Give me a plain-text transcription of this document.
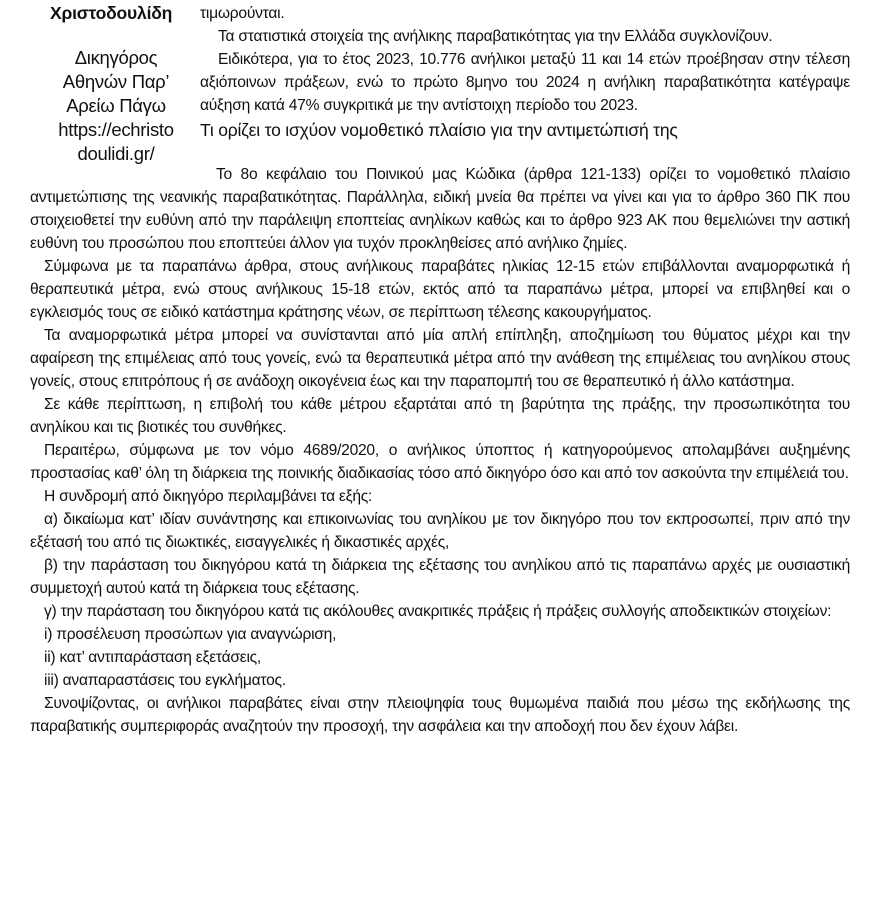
Χριστοδουλίδη
Δικηγόρος
Αθηνών Παρ’
Αρείω Πάγω
https://echristo
doulidi.gr/

τιμωρούνται.

Τα στατιστικά στοιχεία της ανήλικης παραβατικότητας για την Ελλάδα συγκλονίζουν.

Ειδικότερα, για το έτος 2023, 10.776 ανήλικοι μεταξύ 11 και 14 ετών προέβησαν στην τέλεση αξιόποινων πράξεων, ενώ το πρώτο 8μηνο του 2024 η ανήλικη παραβατικότητα κατέγραψε αύξηση κατά 47% συγκριτικά με την αντίστοιχη περίοδο του 2023.

Τι ορίζει το ισχύον νομοθετικό πλαίσιο για την αντιμετώπισή της

Το 8ο κεφάλαιο του Ποινικού μας Κώδικα (άρθρα 121-133) ορίζει το νομοθετικό πλαίσιο αντιμετώπισης της νεανικής παραβατικότητας. Παράλληλα, ειδική μνεία θα πρέπει να γίνει και για το άρθρο 360 ΠΚ που στοιχειοθετεί την ευθύνη από την παράλειψη εποπτείας ανηλίκων καθώς και το άρθρο 923 ΑΚ που θεμελιώνει την αστική ευθύνη του προσώπου που εποπτεύει άλλον για τυχόν προκληθείσες από ανήλικο ζημίες.

Σύμφωνα με τα παραπάνω άρθρα, στους ανήλικους παραβάτες ηλικίας 12-15 ετών επιβάλλονται αναμορφωτικά ή θεραπευτικά μέτρα, ενώ στους ανήλικους 15-18 ετών, εκτός από τα παραπάνω μέτρα, μπορεί να επιβληθεί και ο εγκλεισμός τους σε ειδικό κατάστημα κράτησης νέων, σε περίπτωση τέλεσης κακουργήματος.

Τα αναμορφωτικά μέτρα μπορεί να συνίστανται από μία απλή επίπληξη, αποζημίωση του θύματος μέχρι και την αφαίρεση της επιμέλειας από τους γονείς, ενώ τα θεραπευτικά μέτρα από την ανάθεση της επιμέλειας του ανηλίκου στους γονείς, στους επιτρόπους ή σε ανάδοχη οικογένεια έως και την παραπομπή του σε θεραπευτικό ή άλλο κατάστημα.

Σε κάθε περίπτωση, η επιβολή του κάθε μέτρου εξαρτάται από τη βαρύτητα της πράξης, την προσωπικότητα του ανηλίκου και τις βιοτικές του συνθήκες.

Περαιτέρω, σύμφωνα με τον νόμο 4689/2020, ο ανήλικος ύποπτος ή κατηγορούμενος απολαμβάνει αυξημένης προστασίας καθ’ όλη τη διάρκεια της ποινικής διαδικασίας τόσο από δικηγόρο όσο και από τον ασκούντα την επιμέλειά του.

Η συνδρομή από δικηγόρο περιλαμβάνει τα εξής:

α) δικαίωμα κατ’ ιδίαν συνάντησης και επικοινωνίας του ανηλίκου με τον δικηγόρο που τον εκπροσωπεί, πριν από την εξέτασή του από τις διωκτικές, εισαγγελικές ή δικαστικές αρχές,

β) την παράσταση του δικηγόρου κατά τη διάρκεια της εξέτασης του ανηλίκου από τις παραπάνω αρχές με ουσιαστική συμμετοχή αυτού κατά τη διάρκεια τους εξέτασης.

γ) την παράσταση του δικηγόρου κατά τις ακόλουθες ανακριτικές πράξεις ή πράξεις συλλογής αποδεικτικών στοιχείων:

i) προσέλευση προσώπων για αναγνώριση,

ii) κατ’ αντιπαράσταση εξετάσεις,

iii) αναπαραστάσεις του εγκλήματος.

Συνοψίζοντας, οι ανήλικοι παραβάτες είναι στην πλειοψηφία τους θυμωμένα παιδιά που μέσω της εκδήλωσης της παραβατικής συμπεριφοράς αναζητούν την προσοχή, την ασφάλεια και την αποδοχή που δεν έχουν λάβει.
